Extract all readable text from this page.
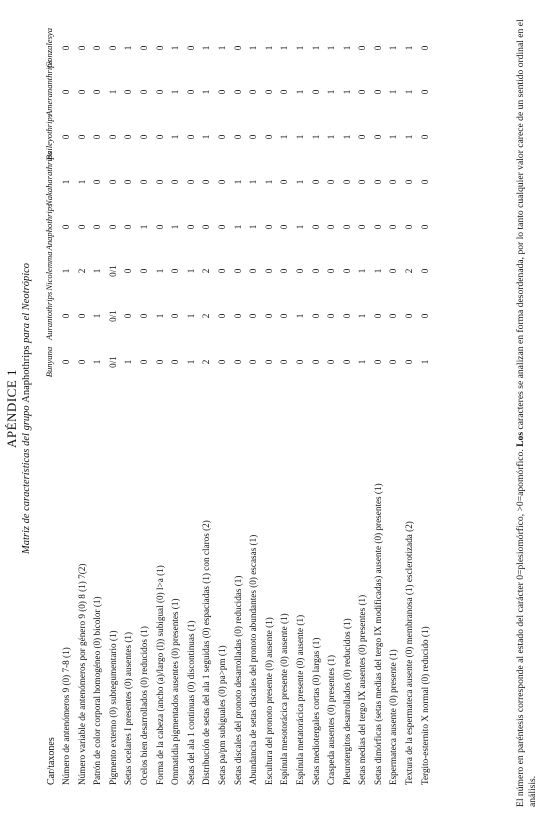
APÉNDICE 1 Matriz de características del grupo Anaphothrips para el Neotrópico
Bunyana
Aurantothrips
Nicolemma
Anaphothrips
Nakaharathrips
Baileyothrips
Amerananthrips
Gonzalesya
Car/taxones Número de antenómeros 9 (0) 7-8 (1)
0
0
1
0
1
0
0
0
Número variable de antenómeros por género 9 (0) 8 (1) 7(2)
0
0
2
0
1
0
0
0
Patrón de color corporal homogéneo (0) bicolor (1)
1
1
1
0
0
0
0
0
Pigmento externo (0) subtegumentario (1)
0/1
0/1
0/1
0
0
0
1
0
Setas ocelares I presentes (0) ausentes (1)
1
0
0
0
0
0
0
1
Ocelos bien desarrollados (0) reducidos (1)
0
0
0
1
0
0
0
0
Forma de la cabeza (ancho (a)/largo (l)) subigual (0) l>a (1)
0
1
1
0
0
0
0
0
Ommatidia pigmentados ausentes (0) presentes (1)
0
0
0
1
0
1
1
1
Setas del ala 1 continuas (0) discontinuas (1)
1
1
1
0
0
0
0
0
Distribución de setas del ala 1 seguidas (0) espaciadas (1) con claros (2)
2
2
2
0
0
1
1
1
Setas pa/pm subiguales (0) pa>pm (1)
0
0
0
0
0
0
0
1
Setas discales del pronoto desarrolladas (0) reducidas (1)
0
0
0
1
1
0
0
0
Abundancia de setas discales del pronoto abundantes (0) escasas (1)
0
0
0
1
1
0
0
1
Escultura del pronoto presente (0) ausente (1)
0
0
0
0
1
0
0
1
Espínula mesotorácica presente (0) ausente (1)
0
0
0
0
0
1
0
1
Espínula metatorácica presente (0) ausente (1)
0
1
0
1
1
1
1
1
Setas mediotergales cortas (0) largas (1)
0
0
0
0
0
1
0
1
Craspeda ausentes (0) presentes (1)
0
0
0
0
0
1
1
1
Pleurotergitos desarrollados (0) reducidos (1)
0
0
0
0
0
1
1
1
Setas medias del tergo IX ausentes (0) presentes (1)
1
1
1
0
0
0
0
0
Setas dimórficas (setas medias del tergo IX modificadas) ausente (0) presentes (1)
0
0
1
0
0
0
0
0
Espermateca ausente (0) presente (1)
0
0
0
0
0
1
1
1
Textura de la espermateca ausente (0) membranosa (1) esclerotizada (2)
0
0
2
0
0
1
1
1
Tergito-esternito X normal (0) reducido (1)
1
0
0
0
0
0
0
0
El número en paréntesis corresponde al estado del carácter 0=plesiomórfico, >0=apomórfico. Los caracteres se analizan en forma desordenada, por lo tanto cualquier valor carece de un sentido ordinal en el análisis.
